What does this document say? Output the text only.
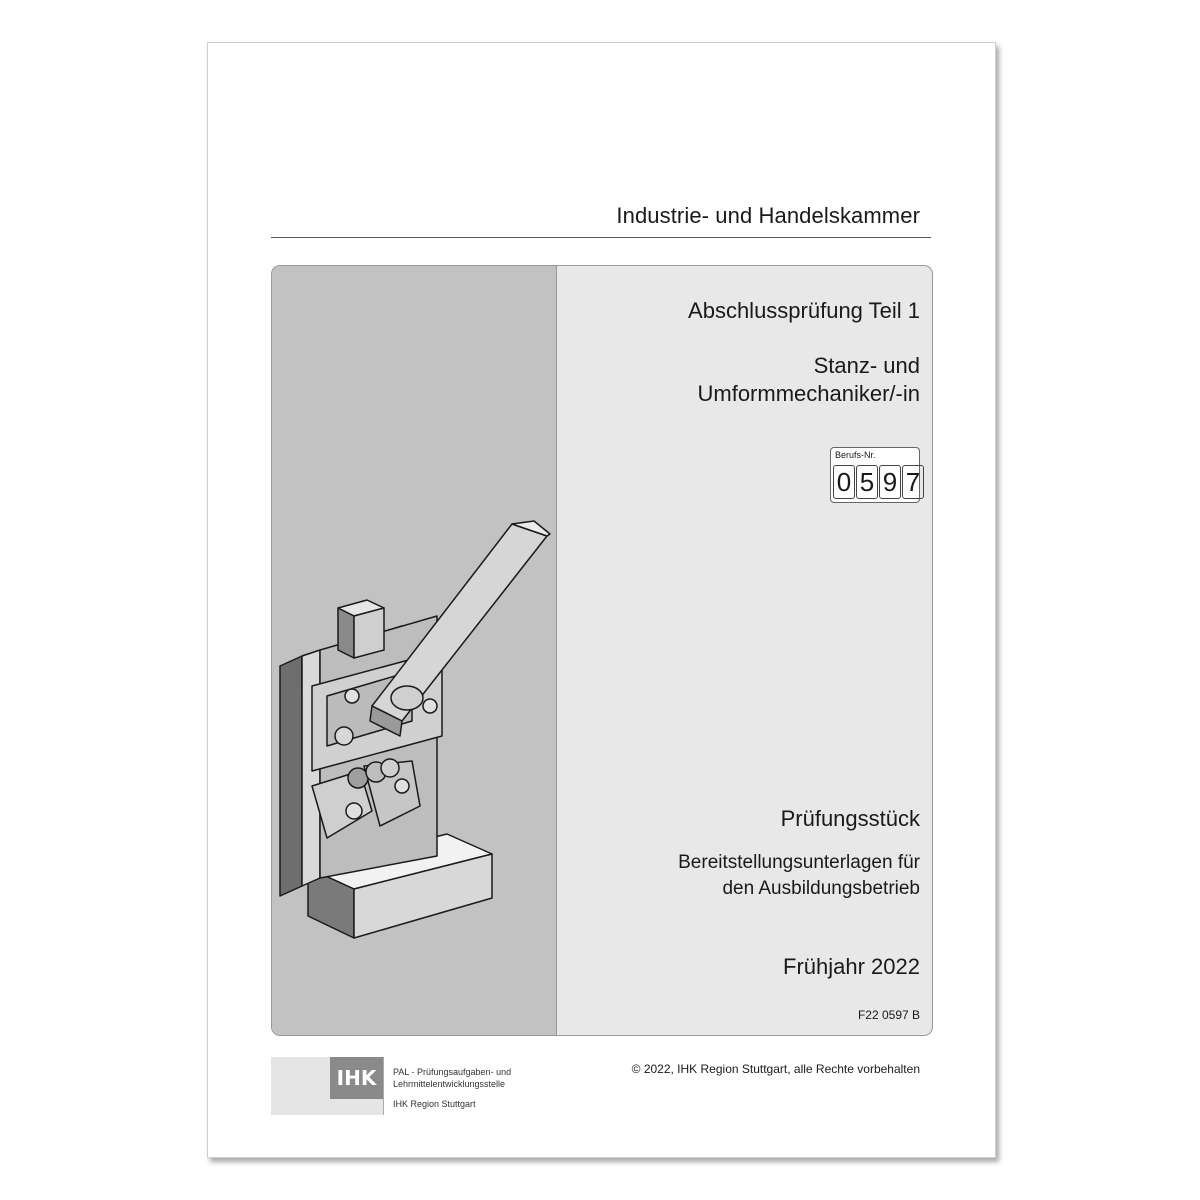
Industrie- und Handelskammer
Abschlussprüfung Teil 1
Stanz- und
Umformmechaniker/-in
Berufs-Nr.
0 5 9 7
Prüfungsstück
Bereitstellungsunterlagen für
den Ausbildungsbetrieb
Frühjahr 2022
F22 0597 B
IHK	PAL - Prüfungsaufgaben- und
Lehrmittelentwicklungsstelle
IHK Region Stuttgart
© 2022, IHK Region Stuttgart, alle Rechte vorbehalten
